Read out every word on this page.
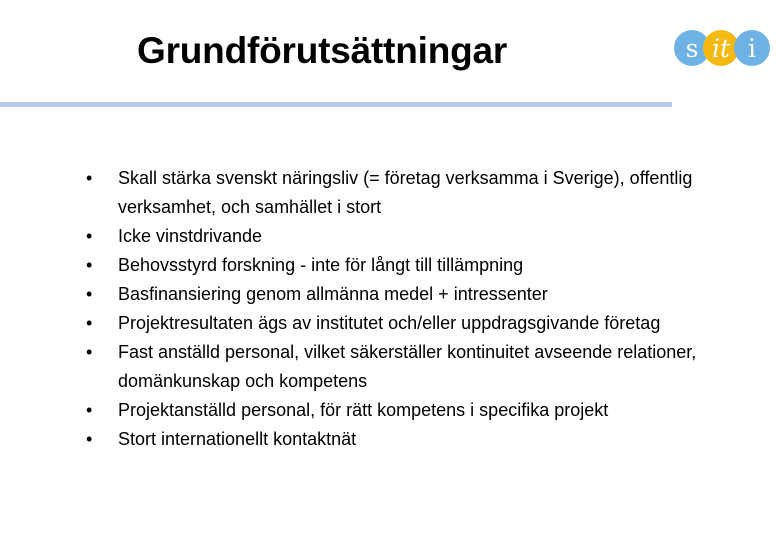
Grundförutsättningar	s it i
• Skall stärka svenskt näringsliv (= företag verksamma i Sverige), offentlig verksamhet, och samhället i stort
• Icke vinstdrivande
• Behovsstyrd forskning - inte för långt till tillämpning
• Basfinansiering genom allmänna medel + intressenter
• Projektresultaten ägs av institutet och/eller uppdragsgivande företag
• Fast anställd personal, vilket säkerställer kontinuitet avseende relationer, domänkunskap och kompetens
• Projektanställd personal, för rätt kompetens i specifika projekt
• Stort internationellt kontaktnät
